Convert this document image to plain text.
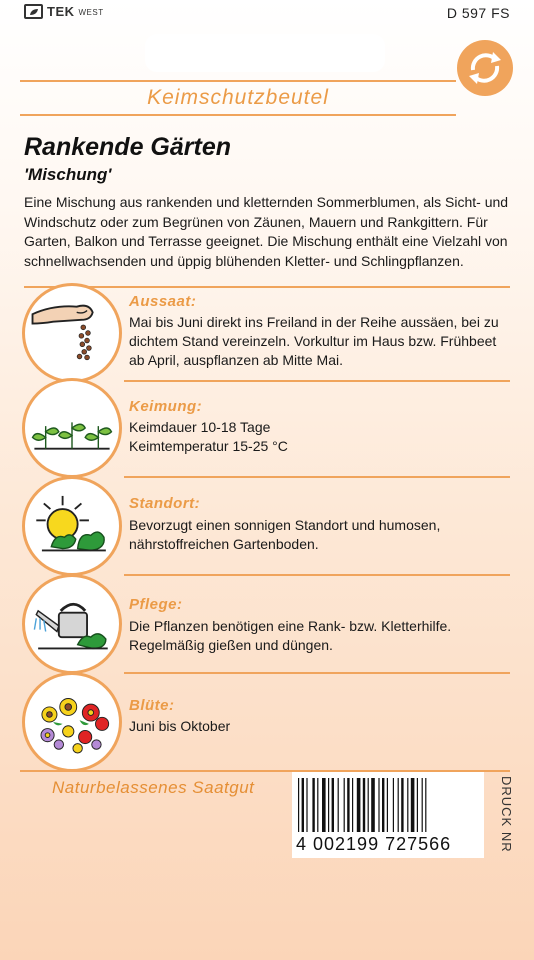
TEK WEST	D 597 FS
Keimschutzbeutel
Rankende Gärten
'Mischung'
Eine Mischung aus rankenden und kletternden Sommerblumen, als Sicht- und Windschutz oder zum Begrünen von Zäunen, Mauern und Rankgittern. Für Garten, Balkon und Terrasse geeignet. Die Mischung enthält eine Vielzahl von schnellwachsenden und üppig blühenden Kletter- und Schlingpflanzen.
Aussaat:
Mai bis Juni direkt ins Freiland in der Reihe aussäen, bei zu dichtem Stand vereinzeln. Vorkultur im Haus bzw. Frühbeet ab April, auspflanzen ab Mitte Mai.
Keimung:
Keimdauer 10-18 Tage
Keimtemperatur 15-25 °C
Standort:
Bevorzugt einen sonnigen Standort und humosen, nährstoffreichen Gartenboden.
Pflege:
Die Pflanzen benötigen eine Rank- bzw. Kletterhilfe. Regelmäßig gießen und düngen.
Blüte:
Juni bis Oktober
Naturbelassenes Saatgut
4 002199 727566	DRUCK NR
